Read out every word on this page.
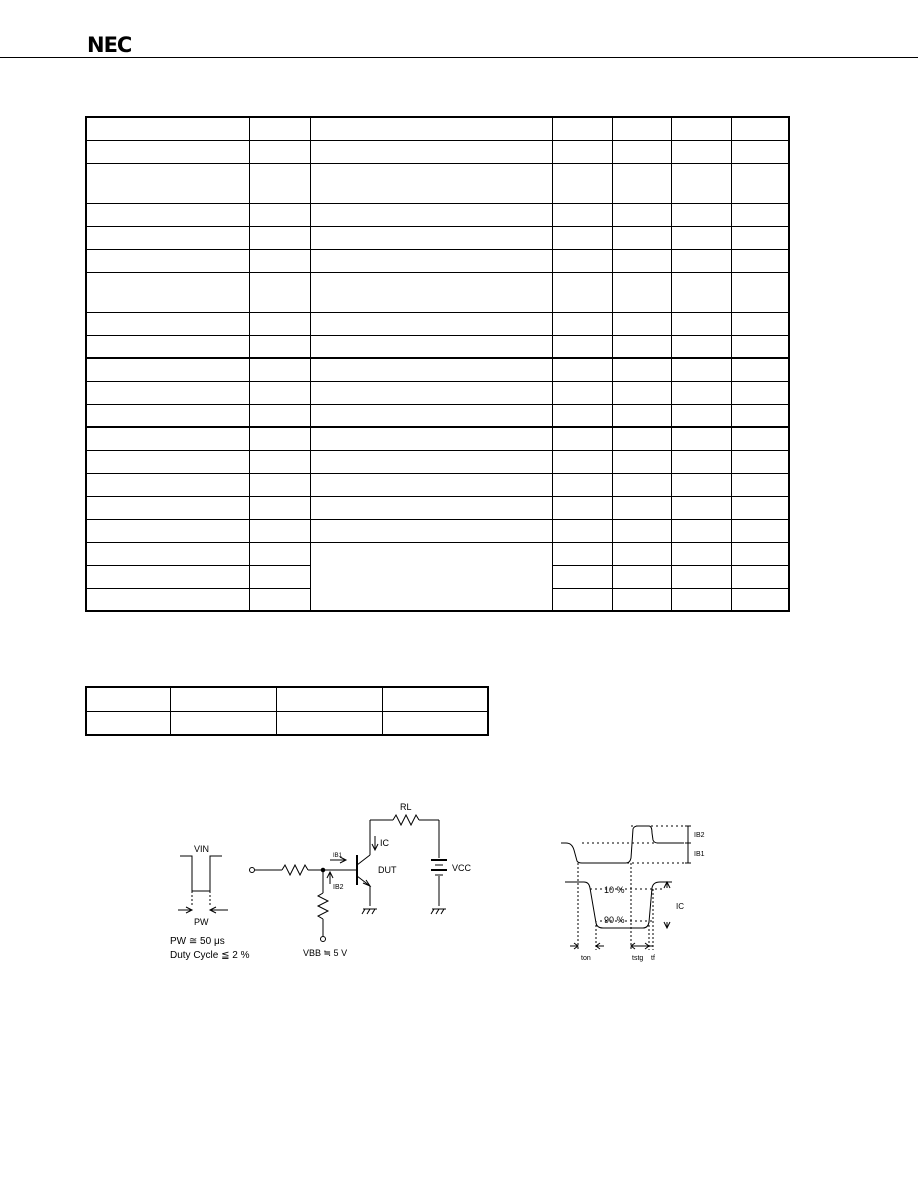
NEC

VIN
PW
PW ≅ 50 μs
Duty Cycle ≦ 2 %
RL
IB1
IB2
IC
DUT	VCC
VBB ≒ 5 V
IB2
IB1
10 %
90 %
IC
ton	tstg tf
